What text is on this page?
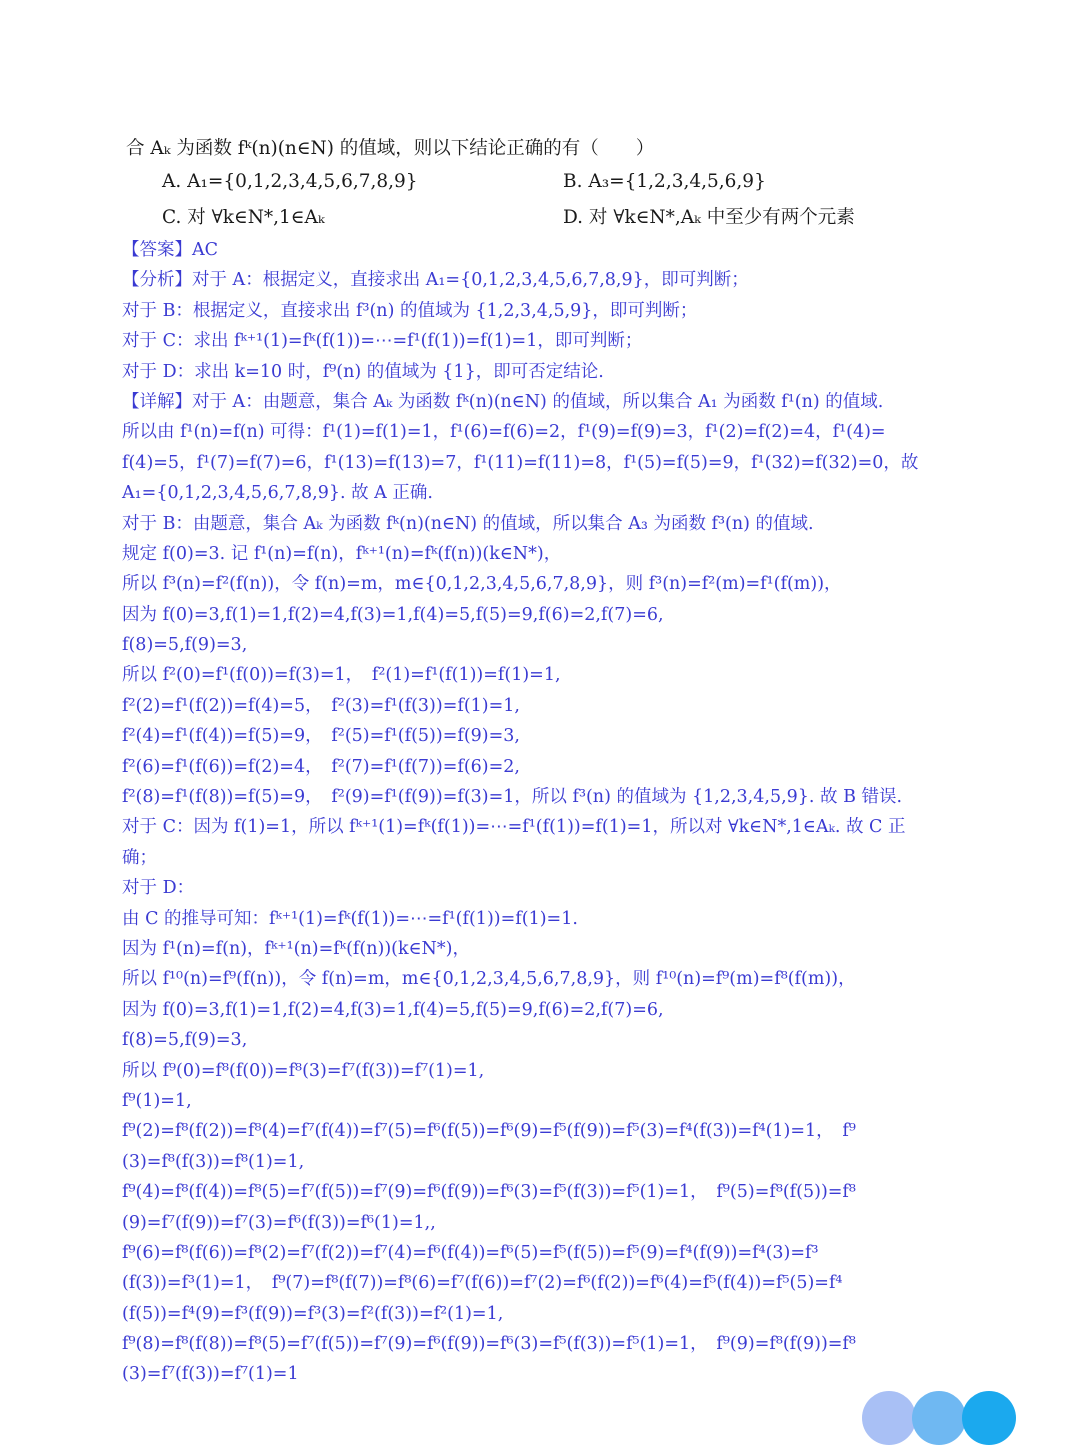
合 Aₖ 为函数 fᵏ(n)(n∈N) 的值域，则以下结论正确的有（　　）
A. A₁={0,1,2,3,4,5,6,7,8,9}	B. A₃={1,2,3,4,5,6,9}
C. 对 ∀k∈N*,1∈Aₖ	D. 对 ∀k∈N*,Aₖ 中至少有两个元素
【答案】AC
【分析】对于 A：根据定义，直接求出 A₁={0,1,2,3,4,5,6,7,8,9}，即可判断；
对于 B：根据定义，直接求出 f³(n) 的值域为 {1,2,3,4,5,9}，即可判断；
对于 C：求出 fᵏ⁺¹(1)=fᵏ(f(1))=⋯=f¹(f(1))=f(1)=1，即可判断；
对于 D：求出 k=10 时，f⁹(n) 的值域为 {1}，即可否定结论.
【详解】对于 A：由题意，集合 Aₖ 为函数 fᵏ(n)(n∈N) 的值域，所以集合 A₁ 为函数 f¹(n) 的值域.
所以由 f¹(n)=f(n) 可得：f¹(1)=f(1)=1，f¹(6)=f(6)=2，f¹(9)=f(9)=3，f¹(2)=f(2)=4，f¹(4)=
f(4)=5，f¹(7)=f(7)=6，f¹(13)=f(13)=7，f¹(11)=f(11)=8，f¹(5)=f(5)=9，f¹(32)=f(32)=0，故
A₁={0,1,2,3,4,5,6,7,8,9}. 故 A 正确.
对于 B：由题意，集合 Aₖ 为函数 fᵏ(n)(n∈N) 的值域，所以集合 A₃ 为函数 f³(n) 的值域.
规定 f(0)=3. 记 f¹(n)=f(n)，fᵏ⁺¹(n)=fᵏ(f(n))(k∈N*)，
所以 f³(n)=f²(f(n))，令 f(n)=m，m∈{0,1,2,3,4,5,6,7,8,9}，则 f³(n)=f²(m)=f¹(f(m))，
因为 f(0)=3,f(1)=1,f(2)=4,f(3)=1,f(4)=5,f(5)=9,f(6)=2,f(7)=6,
f(8)=5,f(9)=3,
所以 f²(0)=f¹(f(0))=f(3)=1，　f²(1)=f¹(f(1))=f(1)=1,
f²(2)=f¹(f(2))=f(4)=5，　f²(3)=f¹(f(3))=f(1)=1,
f²(4)=f¹(f(4))=f(5)=9，　f²(5)=f¹(f(5))=f(9)=3,
f²(6)=f¹(f(6))=f(2)=4，　f²(7)=f¹(f(7))=f(6)=2,
f²(8)=f¹(f(8))=f(5)=9，　f²(9)=f¹(f(9))=f(3)=1，所以 f³(n) 的值域为 {1,2,3,4,5,9}. 故 B 错误.
对于 C：因为 f(1)=1，所以 fᵏ⁺¹(1)=fᵏ(f(1))=⋯=f¹(f(1))=f(1)=1，所以对 ∀k∈N*,1∈Aₖ. 故 C 正
确；
对于 D：
由 C 的推导可知：fᵏ⁺¹(1)=fᵏ(f(1))=⋯=f¹(f(1))=f(1)=1.
因为 f¹(n)=f(n)，fᵏ⁺¹(n)=fᵏ(f(n))(k∈N*)，
所以 f¹⁰(n)=f⁹(f(n))，令 f(n)=m，m∈{0,1,2,3,4,5,6,7,8,9}，则 f¹⁰(n)=f⁹(m)=f⁸(f(m))，
因为 f(0)=3,f(1)=1,f(2)=4,f(3)=1,f(4)=5,f(5)=9,f(6)=2,f(7)=6,
f(8)=5,f(9)=3,
所以 f⁹(0)=f⁸(f(0))=f⁸(3)=f⁷(f(3))=f⁷(1)=1,
f⁹(1)=1,
f⁹(2)=f⁸(f(2))=f⁸(4)=f⁷(f(4))=f⁷(5)=f⁶(f(5))=f⁶(9)=f⁵(f(9))=f⁵(3)=f⁴(f(3))=f⁴(1)=1，　f⁹
(3)=f⁸(f(3))=f⁸(1)=1,
f⁹(4)=f⁸(f(4))=f⁸(5)=f⁷(f(5))=f⁷(9)=f⁶(f(9))=f⁶(3)=f⁵(f(3))=f⁵(1)=1，　f⁹(5)=f⁸(f(5))=f⁸
(9)=f⁷(f(9))=f⁷(3)=f⁶(f(3))=f⁶(1)=1,,
f⁹(6)=f⁸(f(6))=f⁸(2)=f⁷(f(2))=f⁷(4)=f⁶(f(4))=f⁶(5)=f⁵(f(5))=f⁵(9)=f⁴(f(9))=f⁴(3)=f³
(f(3))=f³(1)=1，　f⁹(7)=f⁸(f(7))=f⁸(6)=f⁷(f(6))=f⁷(2)=f⁶(f(2))=f⁶(4)=f⁵(f(4))=f⁵(5)=f⁴
(f(5))=f⁴(9)=f³(f(9))=f³(3)=f²(f(3))=f²(1)=1,
f⁹(8)=f⁸(f(8))=f⁸(5)=f⁷(f(5))=f⁷(9)=f⁶(f(9))=f⁶(3)=f⁵(f(3))=f⁵(1)=1，　f⁹(9)=f⁸(f(9))=f⁸
(3)=f⁷(f(3))=f⁷(1)=1
